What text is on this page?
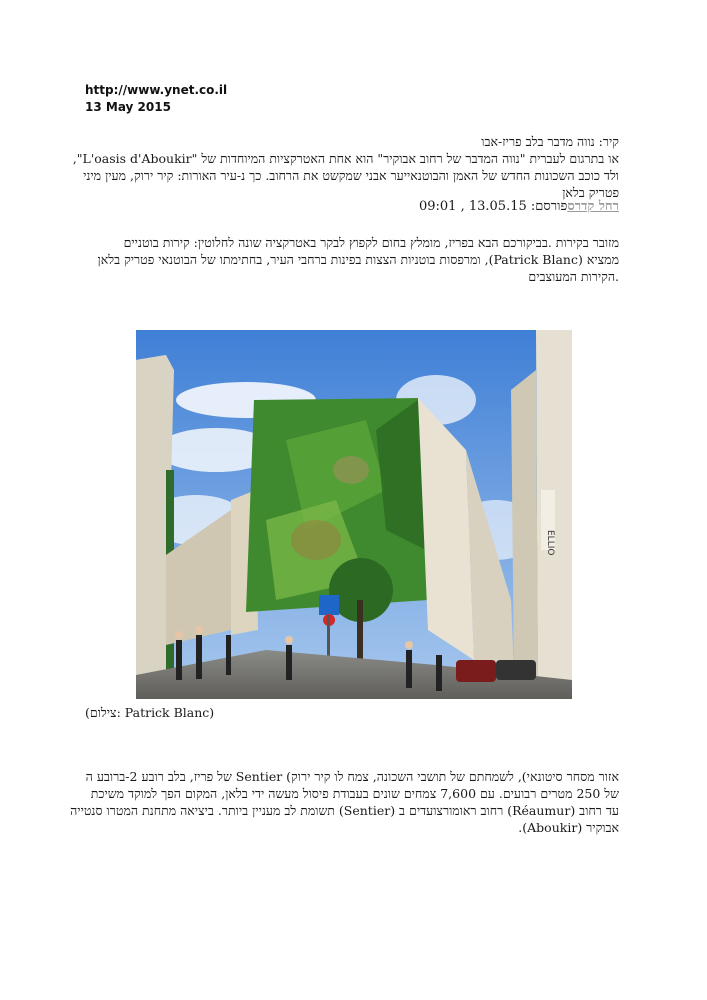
http://www.ynet.co.il
13 May 2015
קיר: נווה מדבר בלב פריז-אבו
או בתרגום לעברית "נווה המדבר של רחוב אבוקיר" הוא אחת האטרקציות המיוחדות של "L'oasis d'Aboukir",
ולד כוכב השכונות החדש של האמן והבוטנאייער אבני שמקשט את הרחוב. כך נ-עיר האורות: קיר ירוק, מעין מיני
פטריק בלאן
רחל קדרספורסם: 13.05.15 , 09:01
מזובר בקירות .בביקורכם הבא בפריז, מומלץ בחום לקפוץ לבקר באטרקציה שונה לחלוטין: קירות בוטניים
ממציא (Patrick Blanc), ומרפסות בוטניות הצצות בפינות ברחבי העיר, בחתימתו של הבוטנאי פטריק בלאן
.הקירות המעוצבים
ELLIO
(צילום: Patrick Blanc)
אזור מסחר סיטונאי), לשמחתם של תושבי השכונה, צמח לו קיר ירוק) Sentier של פריז, בלב רובע 2-ברובע ה
של 250 מטרים רבועים. עם 7,600 צמחים שונים בעבודת פיסול מעשה ידי בלאן, המקום הפך למוקד משיכת
עד רחוב (Réaumur) רחוב ראומורצועדים ב (Sentier) תשומת לב מעניין ביותר. ביציאה מתחנת המטרו סנטייה
אבוקיר (Aboukir).
